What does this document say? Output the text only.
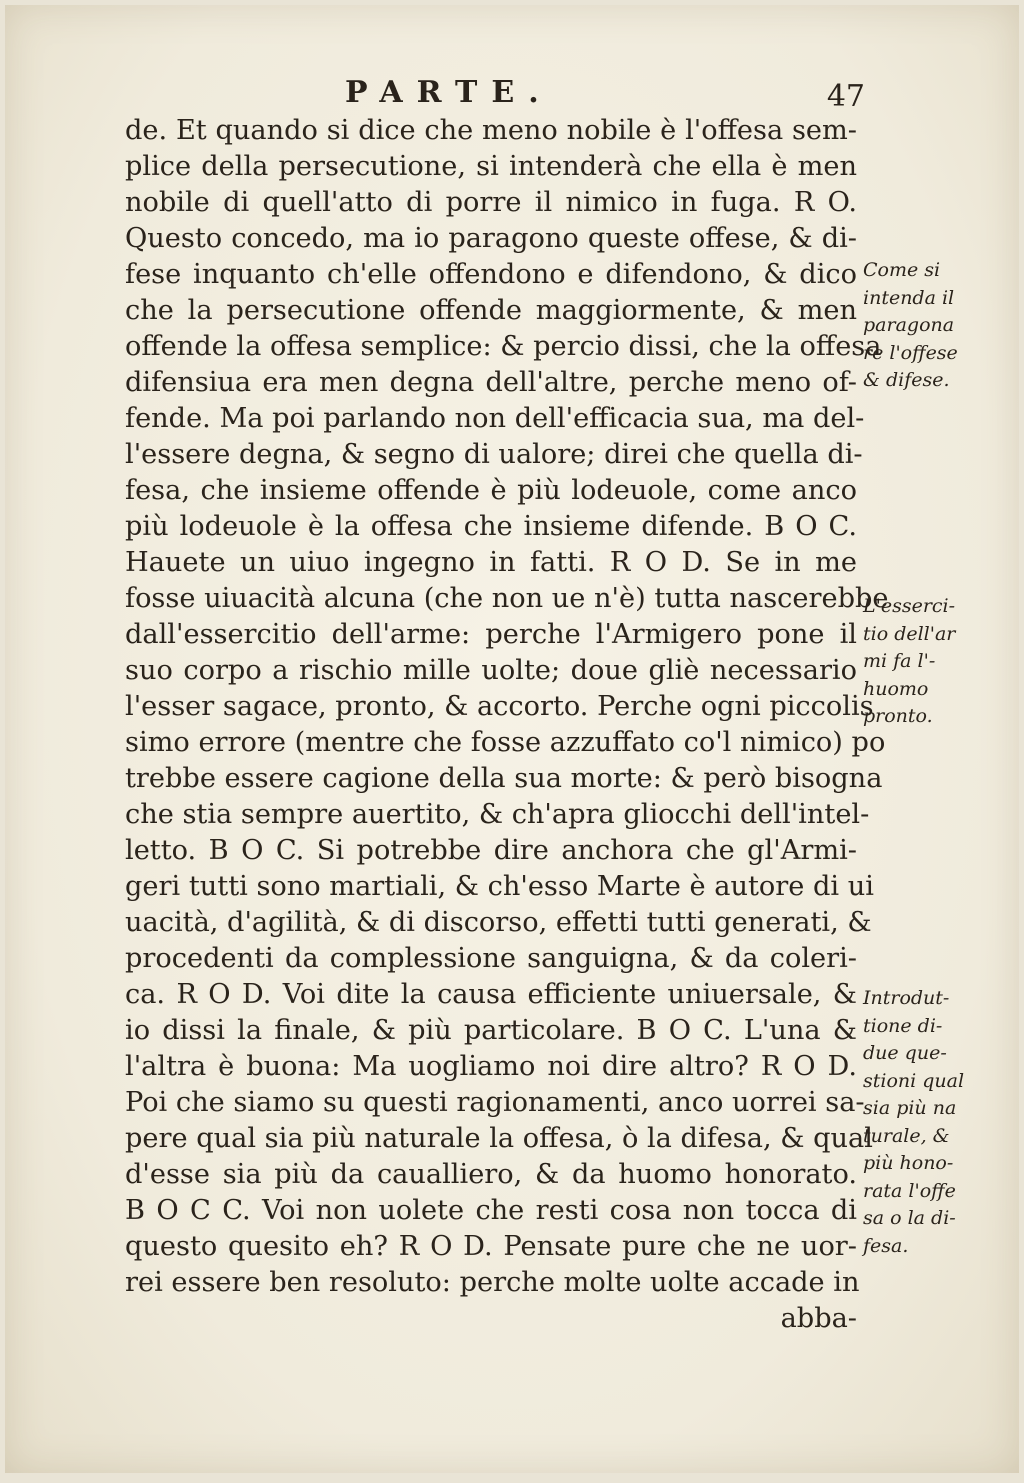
PARTE.	47
de. Et quando si dice che meno nobile è l'offesa sem-
plice della persecutione, si intenderà che ella è men
nobile di quell'atto di porre il nimico in fuga. R O.
Questo concedo, ma io paragono queste offese, & di-
fese inquanto ch'elle offendono e difendono, & dico
che la persecutione offende maggiormente, & men
offende la offesa semplice: & percio dissi, che la offesa
difensiua era men degna dell'altre, perche meno of-
fende. Ma poi parlando non dell'efficacia sua, ma del-
l'essere degna, & segno di ualore; direi che quella di-
fesa, che insieme offende è più lodeuole, come anco
più lodeuole è la offesa che insieme difende. B O C.
Hauete un uiuo ingegno in fatti. R O D. Se in me
fosse uiuacità alcuna (che non ue n'è) tutta nascerebbe
dall'essercitio dell'arme: perche l'Armigero pone il
suo corpo a rischio mille uolte; doue gliè necessario
l'esser sagace, pronto, & accorto. Perche ogni piccolis
simo errore (mentre che fosse azzuffato co'l nimico) po
trebbe essere cagione della sua morte: & però bisogna
che stia sempre auertito, & ch'apra gliocchi dell'intel-
letto. B O C. Si potrebbe dire anchora che gl'Armi-
geri tutti sono martiali, & ch'esso Marte è autore di ui
uacità, d'agilità, & di discorso, effetti tutti generati, &
procedenti da complessione sanguigna, & da coleri-
ca. R O D. Voi dite la causa efficiente uniuersale, &
io dissi la finale, & più particolare. B O C. L'una &
l'altra è buona: Ma uogliamo noi dire altro? R O D.
Poi che siamo su questi ragionamenti, anco uorrei sa-
pere qual sia più naturale la offesa, ò la difesa, & qual
d'esse sia più da caualliero, & da huomo honorato.
B O C C. Voi non uolete che resti cosa non tocca di
questo quesito eh? R O D. Pensate pure che ne uor-
rei essere ben resoluto: perche molte uolte accade in
abba-
Come si
intenda il
paragona
re l'offese
& difese.
L'esserci-
tio dell'ar
mi fa l'-
huomo
pronto.
Introdut-
tione di-
due que-
stioni qual
sia più na
turale, &
più hono-
rata l'offe
sa o la di-
fesa.
